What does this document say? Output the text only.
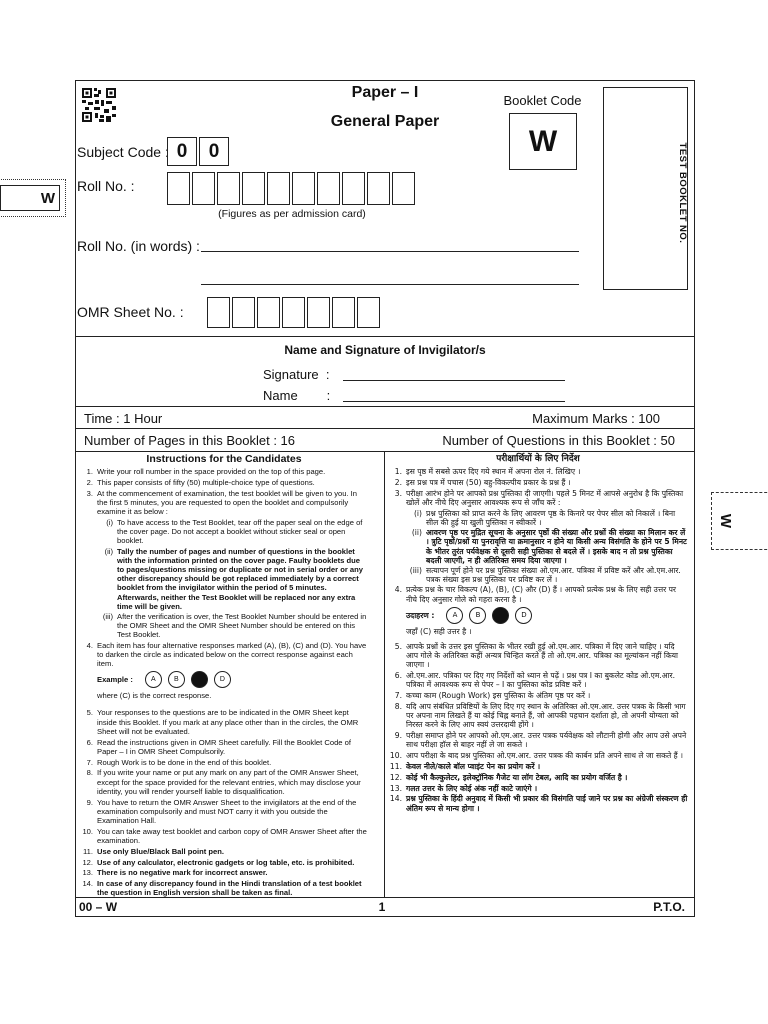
Paper – I
General Paper
Booklet Code
W
TEST BOOKLET NO.
Subject Code : 0 0
Roll No. :
(Figures as per admission card)
Roll No. (in words) :
OMR Sheet No. :
Name and Signature of Invigilator/s
Signature  :
Name        :
Time : 1 Hour	Maximum Marks : 100
Number of Pages in this Booklet : 16	Number of Questions in this Booklet : 50
Instructions for the Candidates
1. Write your roll number in the space provided on the top of this page.
2. This paper consists of fifty (50) multiple-choice type of questions.
3. At the commencement of examination, the test booklet will be given to you. In the first 5 minutes, you are requested to open the booklet and compulsorily examine it as below :
(i) To have access to the Test Booklet, tear off the paper seal on the edge of the cover page. Do not accept a booklet without sticker seal or open booklet.
(ii) Tally the number of pages and number of questions in the booklet with the information printed on the cover page. Faulty booklets due to pages/questions missing or duplicate or not in serial order or any other discrepancy should be got replaced immediately by a correct booklet from the invigilator within the period of 5 minutes. Afterwards, neither the Test Booklet will be replaced nor any extra time will be given.
(iii) After the verification is over, the Test Booklet Number should be entered in the OMR Sheet and the OMR Sheet Number should be entered on this Test Booklet.
4. Each item has four alternative responses marked (A), (B), (C) and (D). You have to darken the circle as indicated below on the correct response against each item.
Example :	A	B	D
where (C) is the correct response.
5. Your responses to the questions are to be indicated in the OMR Sheet kept inside this Booklet. If you mark at any place other than in the circles, the OMR Sheet will not be evaluated.
6. Read the instructions given in OMR Sheet carefully. Fill the Booklet Code of Paper – I in OMR Sheet Compulsorily.
7. Rough Work is to be done in the end of this booklet.
8. If you write your name or put any mark on any part of the OMR Answer Sheet, except for the space provided for the relevant entries, which may disclose your identity, you will render yourself liable to disqualification.
9. You have to return the OMR Answer Sheet to the invigilators at the end of the examination compulsorily and must NOT carry it with you outside the Examination Hall.
10. You can take away test booklet and carbon copy of OMR Answer Sheet after the examination.
11. Use only Blue/Black Ball point pen.
12. Use of any calculator, electronic gadgets or log table, etc. is prohibited.
13. There is no negative mark for incorrect answer.
14. In case of any discrepancy found in the Hindi translation of a test booklet the question in English version shall be taken as final.
परीक्षार्थियों के लिए निर्देश
1. इस पृष्ठ में सबसे ऊपर दिए गये स्थान में अपना रोल नं. लिखिए ।
2. इस प्रश्न पत्र में पचास (50) बहु-विकल्पीय प्रकार के प्रश्न हैं ।
3. परीक्षा आरंभ होने पर आपको प्रश्न पुस्तिका दी जाएगी। पहले 5 मिनट में आपसे अनुरोध है कि पुस्तिका खोलें और नीचे दिए अनुसार आवश्यक रूप से जाँच करें :
(i) प्रश्न पुस्तिका को प्राप्त करने के लिए आवरण पृष्ठ के किनारे पर पेपर सील को निकालें । बिना सील की हुई या खुली पुस्तिका न स्वीकारें ।
(ii) आवरण पृष्ठ पर मुद्रित सूचना के अनुसार पृष्ठों की संख्या और प्रश्नों की संख्या का मिलान कर लें । त्रुटि पृष्ठों/प्रश्नों या पुनरावृत्ति या क्रमानुसार न होने या किसी अन्य विसंगति के होने पर 5 मिनट के भीतर तुरंत पर्यवेक्षक से दूसरी सही पुस्तिका से बदले लें । इसके बाद न तो प्रश्न पुस्तिका बदली जाएगी, न ही अतिरिक्त समय दिया जाएगा ।
(iii) सत्यापन पूर्ण होने पर प्रश्न पुस्तिका संख्या ओ.एम.आर. पत्रिका में प्रविष्ट करें और ओ.एम.आर. पत्रक संख्या इस प्रश्न पुस्तिका पर प्रविष्ट कर लें ।
4. प्रत्येक प्रश्न के चार विकल्प (A), (B), (C) और (D) हैं । आपको प्रत्येक प्रश्न के लिए सही उत्तर पर नीचे दिए अनुसार गोले को गहरा करना है ।
उदाहरण :	A	B	D
जहाँ (C) सही उत्तर है ।
5. आपके प्रश्नों के उत्तर इस पुस्तिका के भीतर रखी हुई ओ.एम.आर. पत्रिका में दिए जाने चाहिए । यदि आप गोले के अतिरिक्त कहीं अन्यत्र चिन्हित करते हैं तो ओ.एम.आर. पत्रिका का मूल्यांकन नहीं किया जाएगा ।
6. ओ.एम.आर. पत्रिका पर दिए गए निर्देशों को ध्यान से पढ़ें । प्रश्न पत्र I का बुकलेट कोड ओ.एम.आर. पत्रिका में आवश्यक रूप से पेपर – I का पुस्तिका कोड प्रविष्ट करें ।
7. कच्चा काम (Rough Work) इस पुस्तिका के अंतिम पृष्ठ पर करें ।
8. यदि आप संबंधित प्रविष्टियों के लिए दिए गए स्थान के अतिरिक्त ओ.एम.आर. उत्तर पत्रक के किसी भाग पर अपना नाम लिखते हैं या कोई चिह्न बनाते हैं, जो आपकी पहचान दर्शाता हो, तो अपनी योग्यता को निरस्त करने के लिए आप स्वयं उत्तरदायी होंगे ।
9. परीक्षा समाप्त होने पर आपको ओ.एम.आर. उत्तर पत्रक पर्यवेक्षक को लौटानी होगी और आप उसे अपने साथ परीक्षा हॉल से बाहर नहीं ले जा सकते ।
10. आप परीक्षा के बाद प्रश्न पुस्तिका ओ.एम.आर. उत्तर पत्रक की कार्बन प्रति अपने साथ ले जा सकते हैं ।
11. केवल नीले/काले बॉल प्वाइंट पेन का प्रयोग करें ।
12. कोई भी कैल्कुलेटर, इलेक्ट्रॉनिक गैजेट या लॉग टेबल, आदि का प्रयोग वर्जित है ।
13. गलत उत्तर के लिए कोई अंक नहीं काटे जाएंगे ।
14. प्रश्न पुस्तिका के हिंदी अनुवाद में किसी भी प्रकार की विसंगति पाई जाने पर प्रश्न का अंग्रेजी संस्करण ही अंतिम रूप से मान्य होगा ।
00 – W	1	P.T.O.
W
W
